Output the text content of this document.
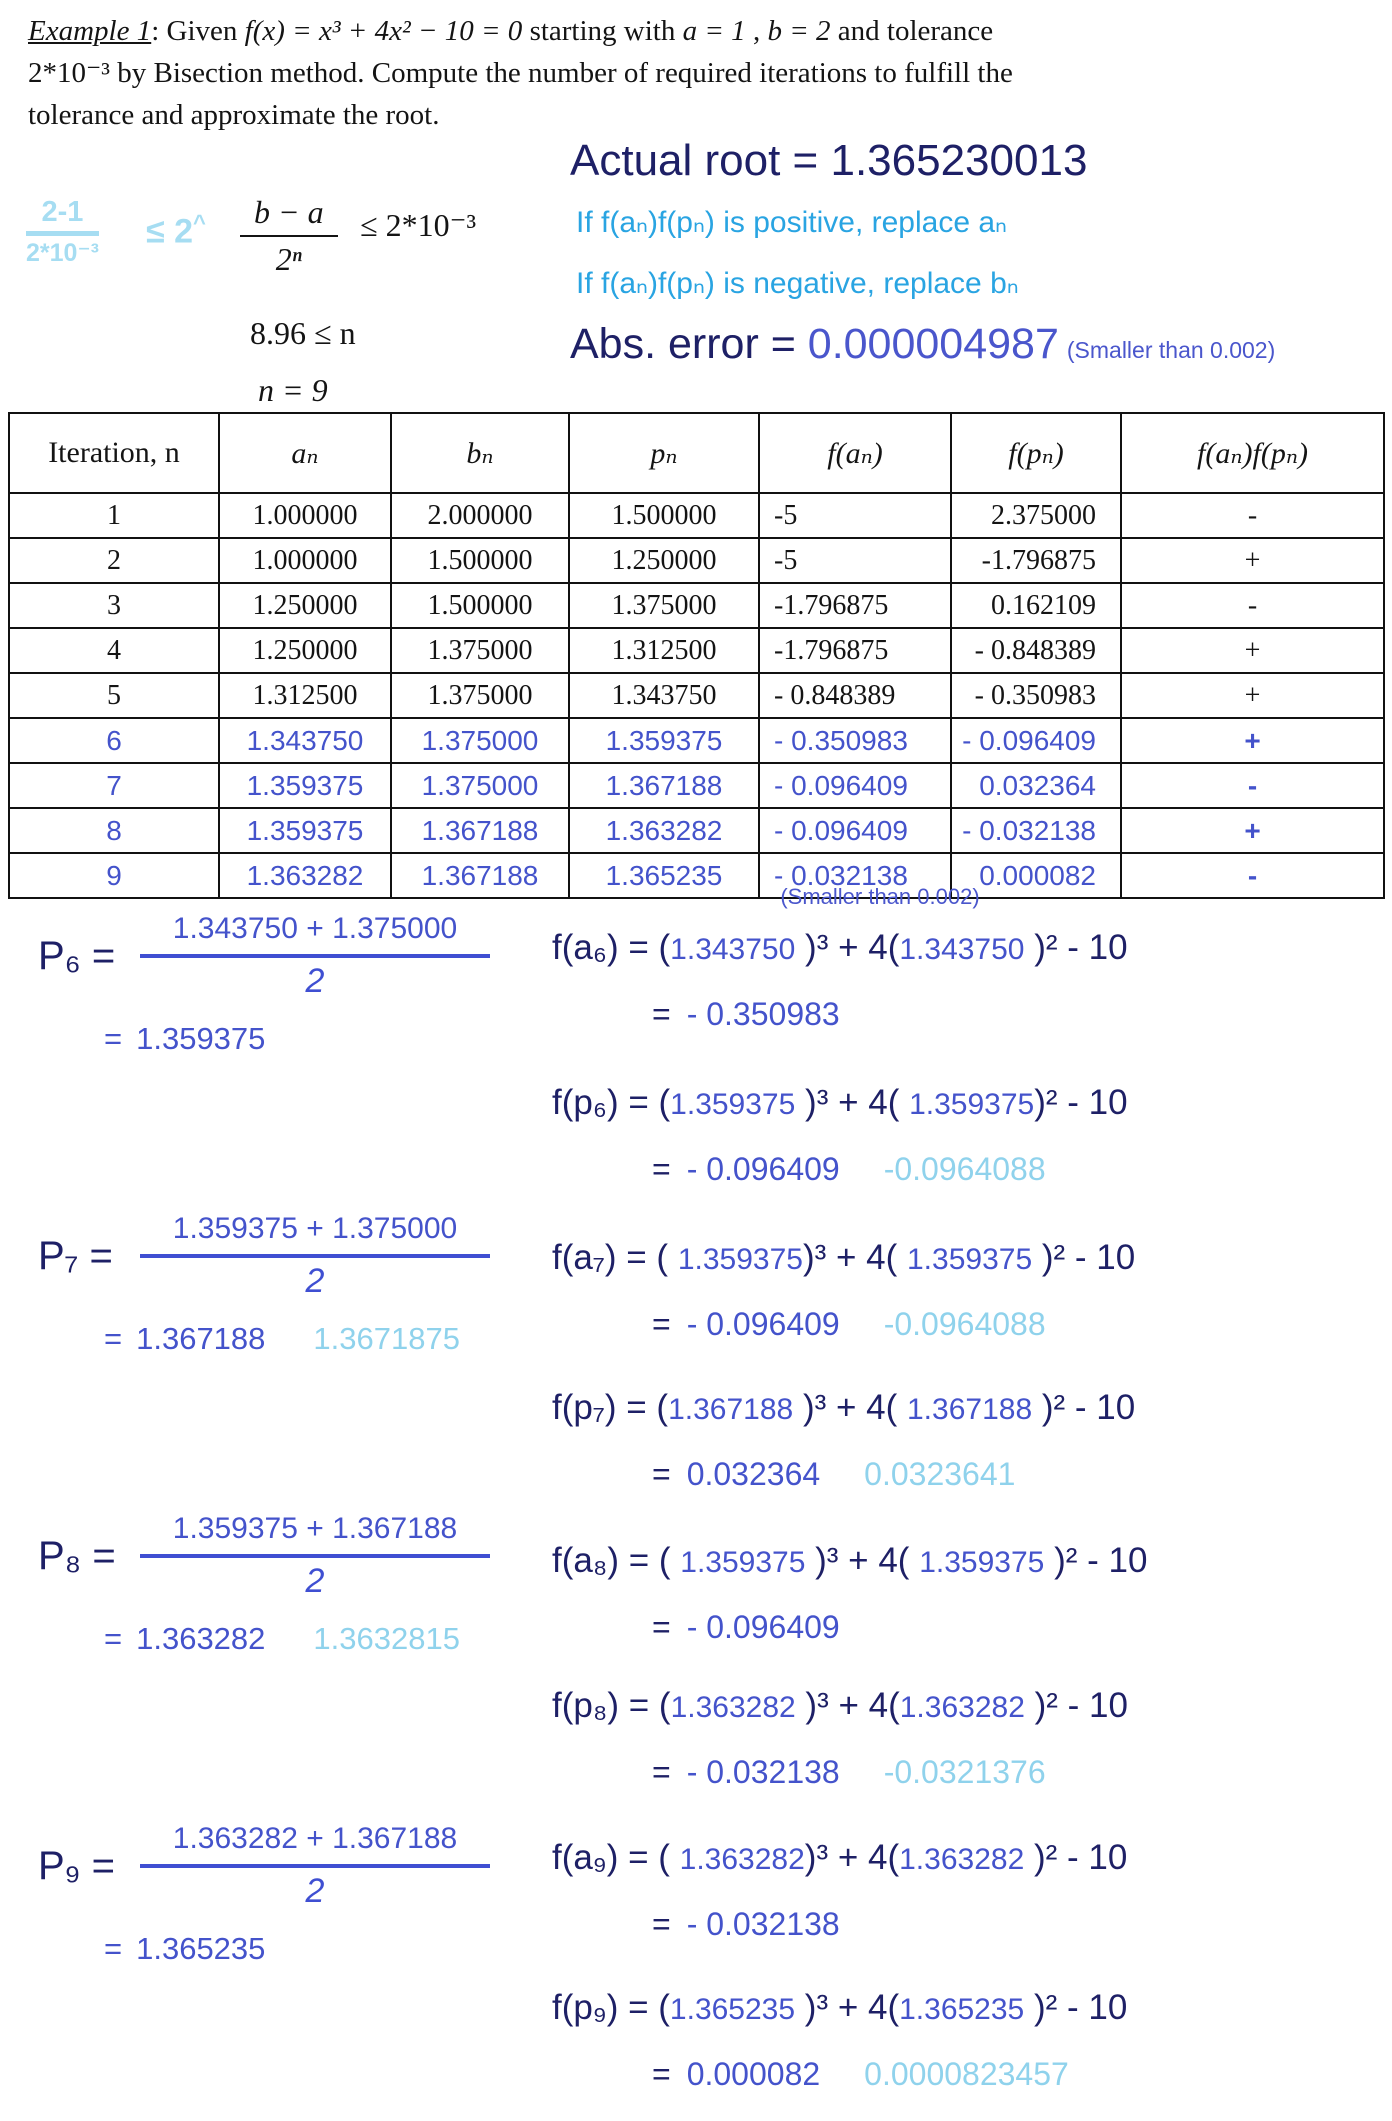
Example 1: Given f(x) = x³ + 4x² − 10 = 0 starting with a = 1 , b = 2 and tolerance
2*10⁻³ by Bisection method. Compute the number of required iterations to fulfill the
tolerance and approximate the root.
Actual root = 1.365230013
If f(aₙ)f(pₙ) is positive, replace aₙ
If f(aₙ)f(pₙ) is negative, replace bₙ
Abs. error = 0.000004987 (Smaller than 0.002)
$\frac{2-1}{\text{2*10⁻³}} \le 2^{\^{}} \frac{b - a}{\text{2ⁿ}} \le 2*10^{-3}$
8.96 ≤ n
n = 9
Iteration, n	aₙ	bₙ	pₙ	f(aₙ)	f(pₙ)	f(aₙ)f(pₙ)
1	1.000000	2.000000	1.500000	-5	2.375000	-
2	1.000000	1.500000	1.250000	-5	-1.796875	+
3	1.250000	1.500000	1.375000	-1.796875	0.162109	-
4	1.250000	1.375000	1.312500	-1.796875	- 0.848389	+
5	1.312500	1.375000	1.343750	- 0.848389	- 0.350983	+
6	1.343750	1.375000	1.359375	- 0.350983	- 0.096409	+
7	1.359375	1.375000	1.367188	- 0.096409	0.032364	-
8	1.359375	1.367188	1.363282	- 0.096409	- 0.032138	+
9	1.363282	1.367188	1.365235	- 0.032138	0.000082	-
(Smaller than 0.002)
$P_6 = \frac{1.343750 + 1.375000}{2}$
= 1.359375
$P_7 = \frac{1.359375 + 1.375000}{2}$
= 1.367188 1.3671875
$P_8 = \frac{1.359375 + 1.367188}{2}$
= 1.363282 1.3632815
$P_9 = \frac{1.363282 + 1.367188}{2}$
= 1.365235
f(a₆) = (1.343750 )³ + 4(1.343750 )² - 10
= - 0.350983
f(p₆) = (1.359375 )³ + 4( 1.359375)² - 10
= - 0.096409 -0.0964088
f(a₇) = ( 1.359375)³ + 4( 1.359375 )² - 10
= - 0.096409 -0.0964088
f(p₇) = (1.367188 )³ + 4( 1.367188 )² - 10
= 0.032364 0.0323641
f(a₈) = ( 1.359375 )³ + 4( 1.359375 )² - 10
= - 0.096409
f(p₈) = (1.363282 )³ + 4(1.363282 )² - 10
= - 0.032138 -0.0321376
f(a₉) = ( 1.363282)³ + 4(1.363282 )² - 10
= - 0.032138
f(p₉) = (1.365235 )³ + 4(1.365235 )² - 10
= 0.000082 0.0000823457
